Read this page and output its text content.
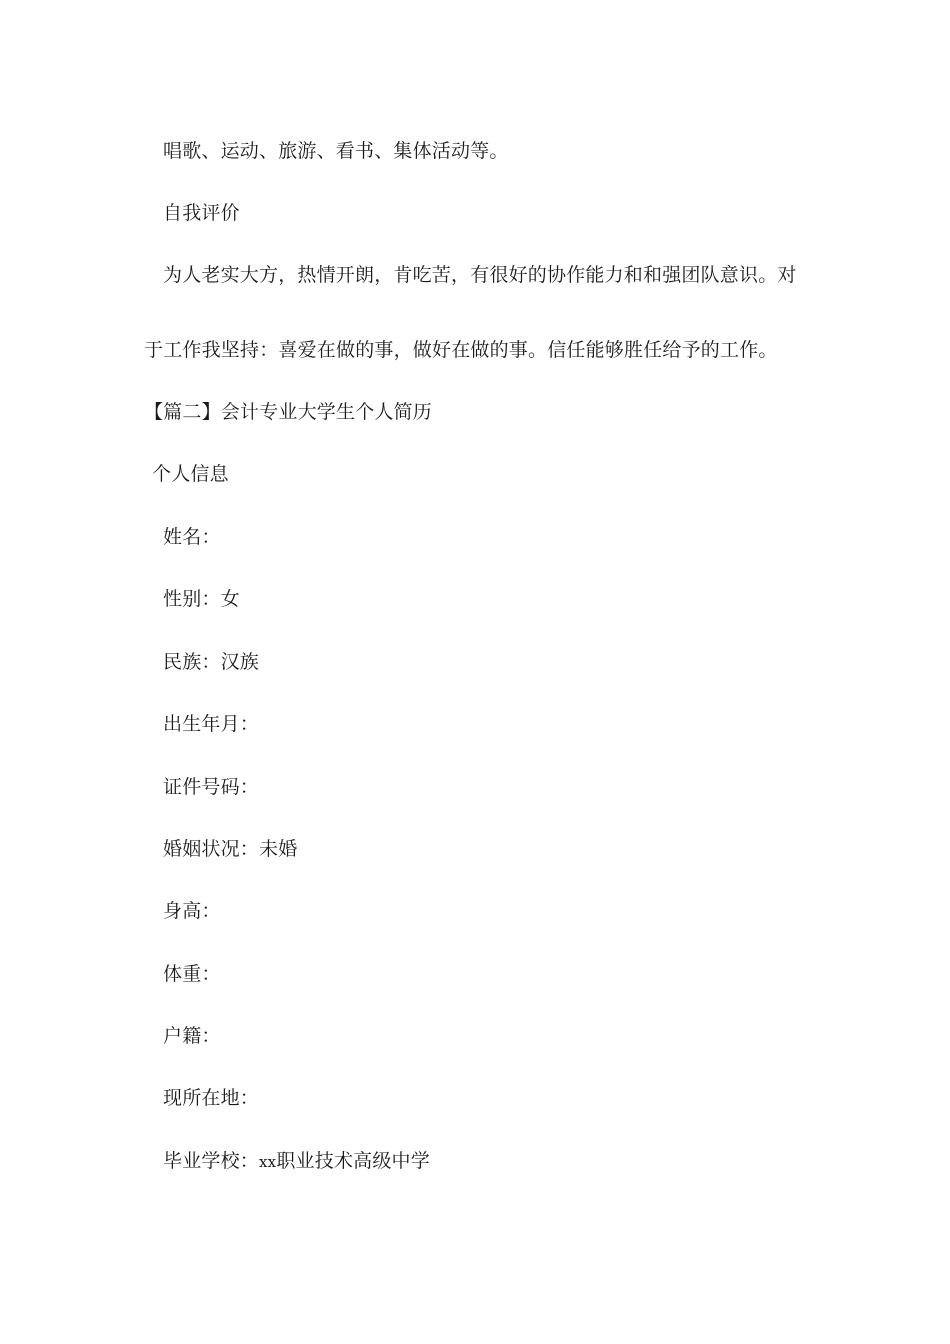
唱歌、运动、旅游、看书、集体活动等。
自我评价
为人老实大方，热情开朗，肯吃苦，有很好的协作能力和和强团队意识。对
于工作我坚持：喜爱在做的事，做好在做的事。信任能够胜任给予的工作。
【篇二】会计专业大学生个人简历
个人信息
姓名：
性别：女
民族：汉族
出生年月：
证件号码：
婚姻状况：未婚
身高：
体重：
户籍：
现所在地：
毕业学校：xx职业技术高级中学
